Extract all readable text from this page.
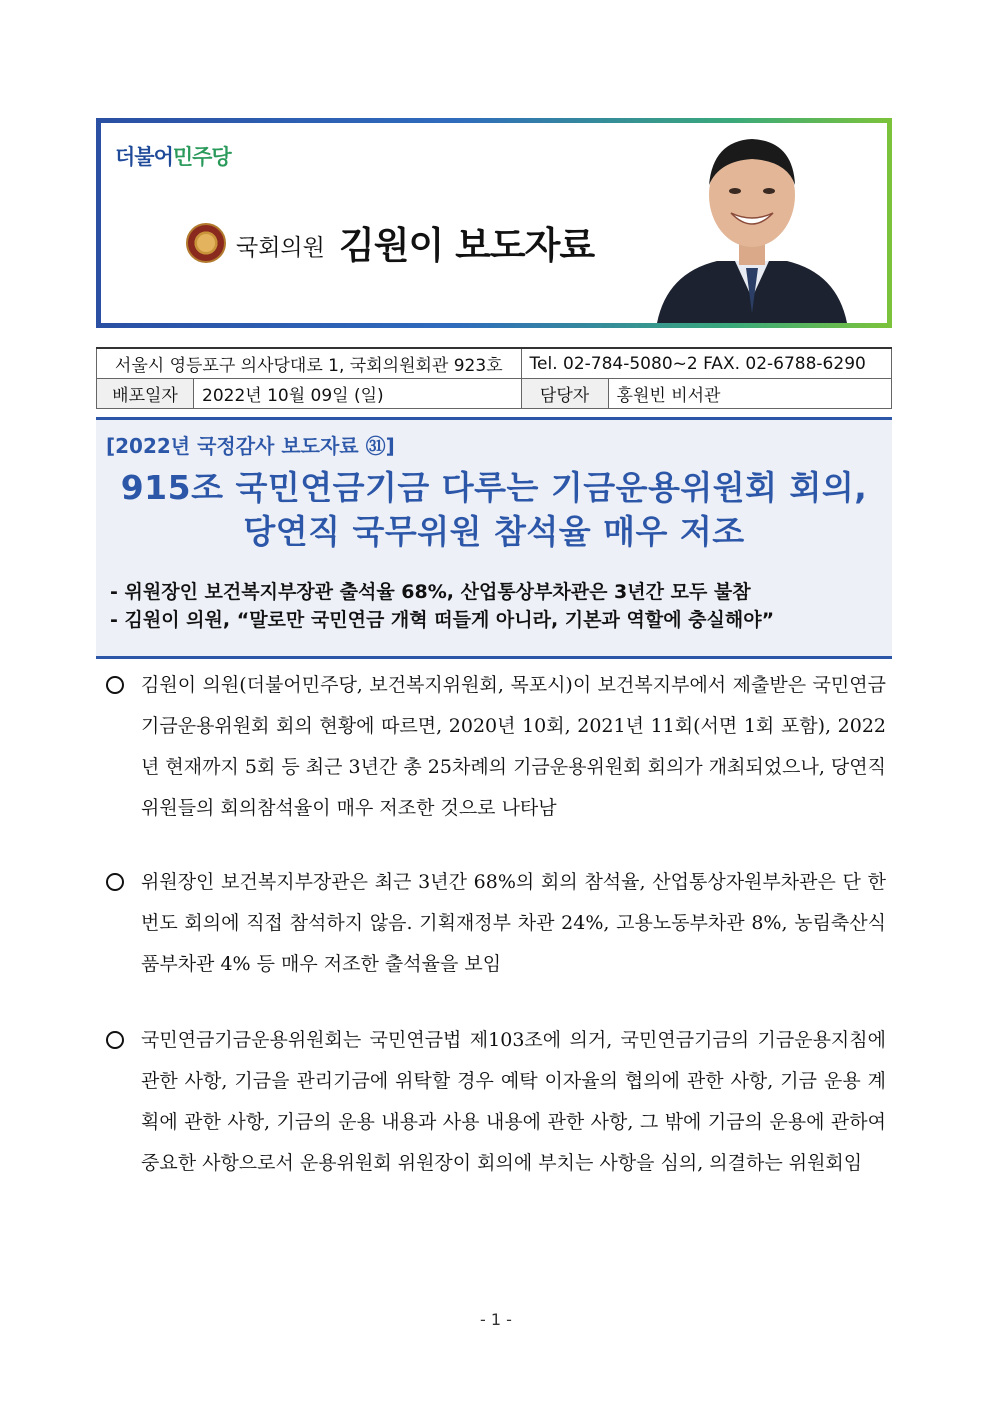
더불어민주당
국회의원 김원이 보도자료
서울시 영등포구 의사당대로 1, 국회의원회관 923호		Tel. 02-784-5080~2 FAX. 02-6788-6290	
배포일자	2022년 10월 09일 (일)	담당자	홍원빈 비서관
[2022년 국정감사 보도자료 ㉛]
915조 국민연금기금 다루는 기금운용위원회 회의,
당연직 국무위원 참석율 매우 저조
- 위원장인 보건복지부장관 출석율 68%, 산업통상부차관은 3년간 모두 불참
- 김원이 의원, “말로만 국민연금 개혁 떠들게 아니라, 기본과 역할에 충실해야”
김원이 의원(더불어민주당, 보건복지위원회, 목포시)이 보건복지부에서 제출받은 국민연금기금운용위원회 회의 현황에 따르면, 2020년 10회, 2021년 11회(서면 1회 포함), 2022년 현재까지 5회 등 최근 3년간 총 25차례의 기금운용위원회 회의가 개최되었으나, 당연직 위원들의 회의참석율이 매우 저조한 것으로 나타남
위원장인 보건복지부장관은 최근 3년간 68%의 회의 참석율, 산업통상자원부차관은 단 한번도 회의에 직접 참석하지 않음. 기획재정부 차관 24%, 고용노동부차관 8%, 농림축산식품부차관 4% 등 매우 저조한 출석율을 보임
국민연금기금운용위원회는 국민연금법 제103조에 의거, 국민연금기금의 기금운용지침에 관한 사항, 기금을 관리기금에 위탁할 경우 예탁 이자율의 협의에 관한 사항, 기금 운용 계획에 관한 사항, 기금의 운용 내용과 사용 내용에 관한 사항, 그 밖에 기금의 운용에 관하여 중요한 사항으로서 운용위원회 위원장이 회의에 부치는 사항을 심의, 의결하는 위원회임
- 1 -
